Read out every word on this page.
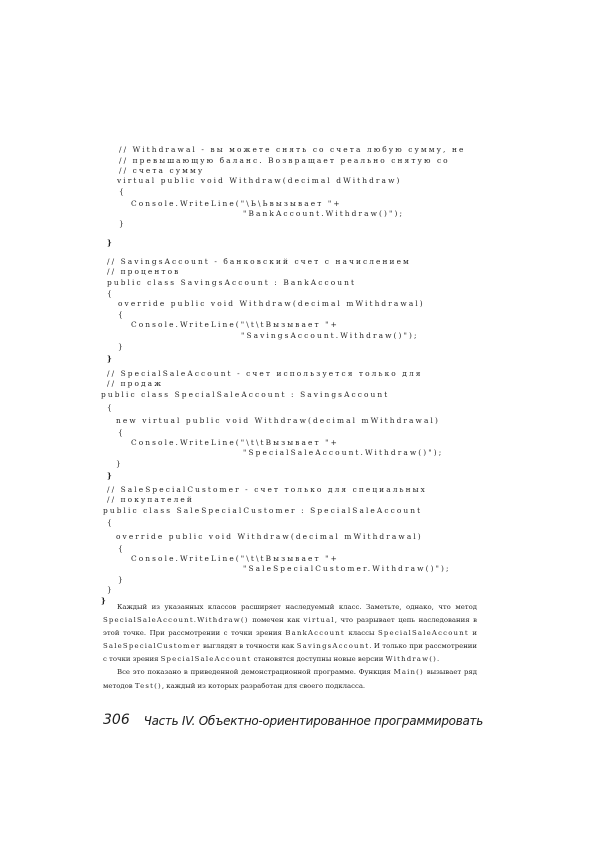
// Withdrawal - вы можете снять со счета любую сумму, не
// превышающую баланс. Возвращает реально снятую со
// счета сумму
virtual public void Withdraw(decimal dWithdraw)
{
Console.WriteLine("\Ь\Ьвызывает "+
"BankAccount.Withdraw()");
}
}
// SavingsAccount - банковский счет с начислением
// процентов
public class SavingsAccount : BankAccount
{
override public void Withdraw(decimal mWithdrawal)
{
Console.WriteLine("\t\tВызывает "+
"SavingsAccount.Withdraw()");
}
}
// SpecialSaleAccount - счет используется только для
// продаж
public class SpecialSaleAccount : SavingsAccount
{
new virtual public void Withdraw(decimal mWithdrawal)
{
Console.WriteLine("\t\tВызывает "+
"SpecialSaleAccount.Withdraw()");
}
}
// SaleSpecialCustomer - счет только для специальных
// покупателей
public class SaleSpecialCustomer : SpecialSaleAccount
{
override public void Withdraw(decimal mWithdrawal)
{
Console.WriteLine("\t\tВызывает "+
"SaleSpecialCustomer.Withdraw()");
}
}
}

Каждый из указанных классов расширяет наследуемый класс. Заметьте, однако, что метод SpecialSaleAccount.Withdraw() помечен как virtual, что разрывает цепь наследования в этой точке. При рассмотрении с точки зрения BankAccount классы SpecialSaleAccount и SaleSpecialCustomer выглядят в точности как SavingsAccount. И только при рассмотрении с точки зрения SpecialSaleAccount становятся доступны новые версии Withdraw().

Все это показано в приведенной демонстрационной программе. Функция Main() вызывает ряд методов Test(), каждый из которых разработан для своего подкласса.

306 Часть IV. Объектно-ориентированное программировать
